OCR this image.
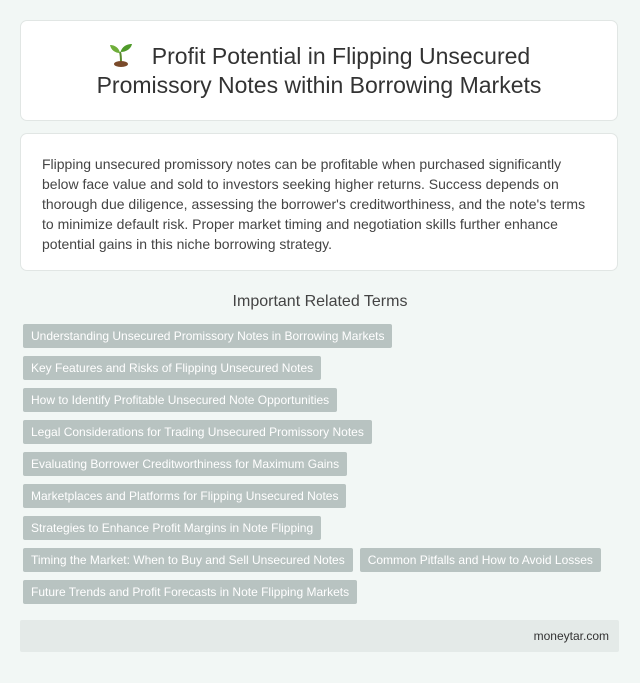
Profit Potential in Flipping Unsecured
Promissory Notes within Borrowing Markets

Flipping unsecured promissory notes can be profitable when purchased significantly below face value and sold to investors seeking higher returns. Success depends on thorough due diligence, assessing the borrower's creditworthiness, and the note's terms to minimize default risk. Proper market timing and negotiation skills further enhance potential gains in this niche borrowing strategy.

Important Related Terms
Understanding Unsecured Promissory Notes in Borrowing Markets
Key Features and Risks of Flipping Unsecured Notes
How to Identify Profitable Unsecured Note Opportunities
Legal Considerations for Trading Unsecured Promissory Notes
Evaluating Borrower Creditworthiness for Maximum Gains
Marketplaces and Platforms for Flipping Unsecured Notes
Strategies to Enhance Profit Margins in Note Flipping
Timing the Market: When to Buy and Sell Unsecured Notes	Common Pitfalls and How to Avoid Losses
Future Trends and Profit Forecasts in Note Flipping Markets
moneytar.com
